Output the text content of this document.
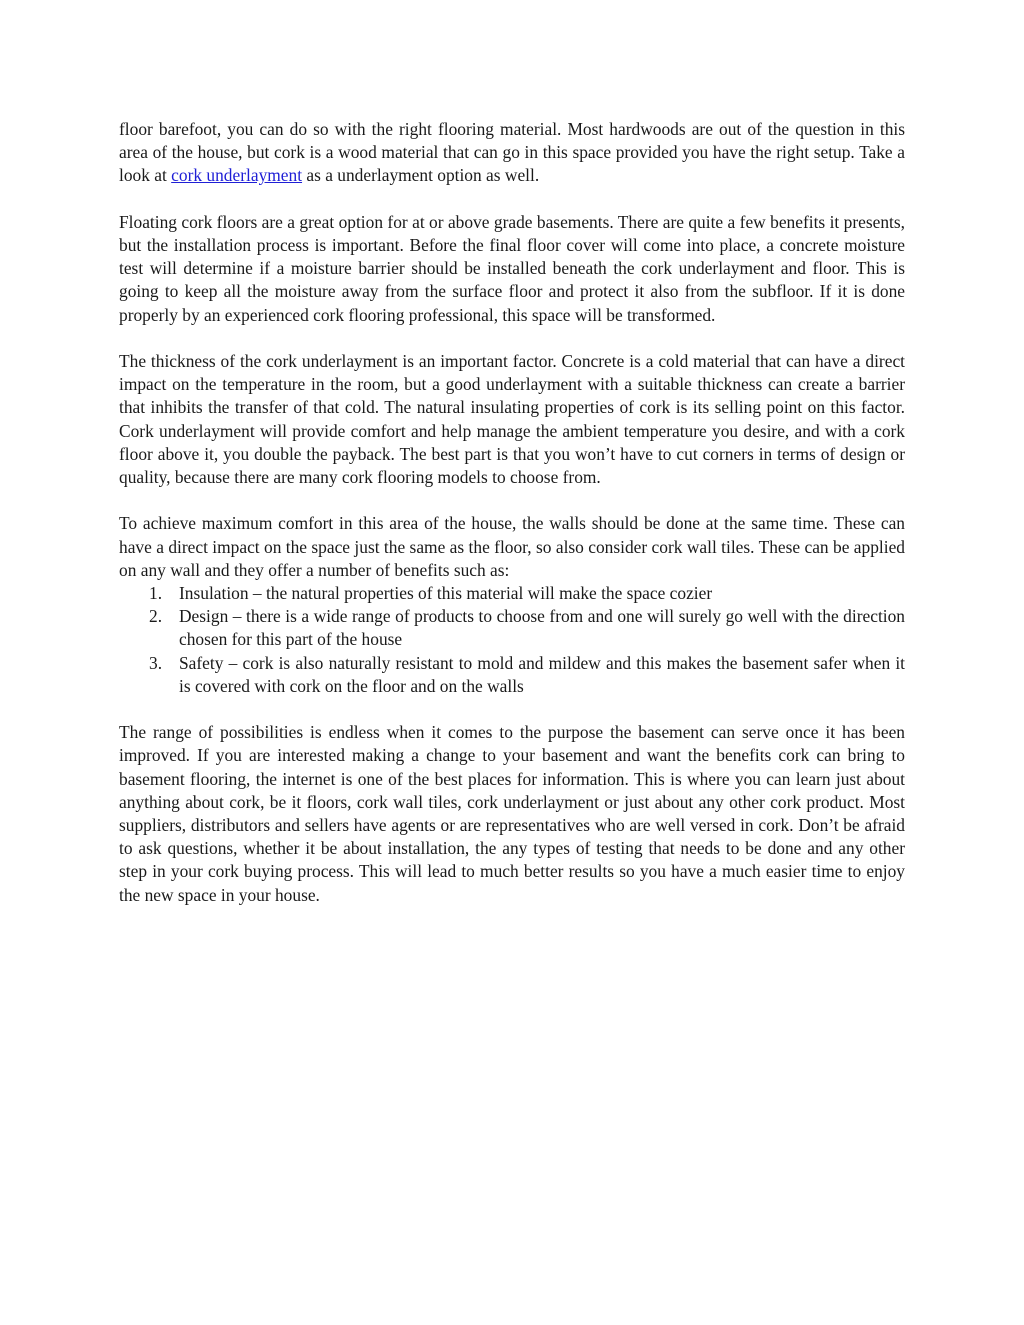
floor barefoot, you can do so with the right flooring material. Most hardwoods are out of the question in this area of the house, but cork is a wood material that can go in this space provided you have the right setup. Take a look at cork underlayment as a underlayment option as well.

Floating cork floors are a great option for at or above grade basements. There are quite a few benefits it presents, but the installation process is important. Before the final floor cover will come into place, a concrete moisture test will determine if a moisture barrier should be installed beneath the cork underlayment and floor. This is going to keep all the moisture away from the surface floor and protect it also from the subfloor. If it is done properly by an experienced cork flooring professional, this space will be transformed.

The thickness of the cork underlayment is an important factor. Concrete is a cold material that can have a direct impact on the temperature in the room, but a good underlayment with a suitable thickness can create a barrier that inhibits the transfer of that cold. The natural insulating properties of cork is its selling point on this factor. Cork underlayment will provide comfort and help manage the ambient temperature you desire, and with a cork floor above it, you double the payback. The best part is that you won’t have to cut corners in terms of design or quality, because there are many cork flooring models to choose from.

To achieve maximum comfort in this area of the house, the walls should be done at the same time. These can have a direct impact on the space just the same as the floor, so also consider cork wall tiles. These can be applied on any wall and they offer a number of benefits such as:

1. Insulation – the natural properties of this material will make the space cozier
2. Design – there is a wide range of products to choose from and one will surely go well with the direction chosen for this part of the house
3. Safety – cork is also naturally resistant to mold and mildew and this makes the basement safer when it is covered with cork on the floor and on the walls

The range of possibilities is endless when it comes to the purpose the basement can serve once it has been improved. If you are interested making a change to your basement and want the benefits cork can bring to basement flooring, the internet is one of the best places for information. This is where you can learn just about anything about cork, be it floors, cork wall tiles, cork underlayment or just about any other cork product. Most suppliers, distributors and sellers have agents or are representatives who are well versed in cork. Don’t be afraid to ask questions, whether it be about installation, the any types of testing that needs to be done and any other step in your cork buying process. This will lead to much better results so you have a much easier time to enjoy the new space in your house.
